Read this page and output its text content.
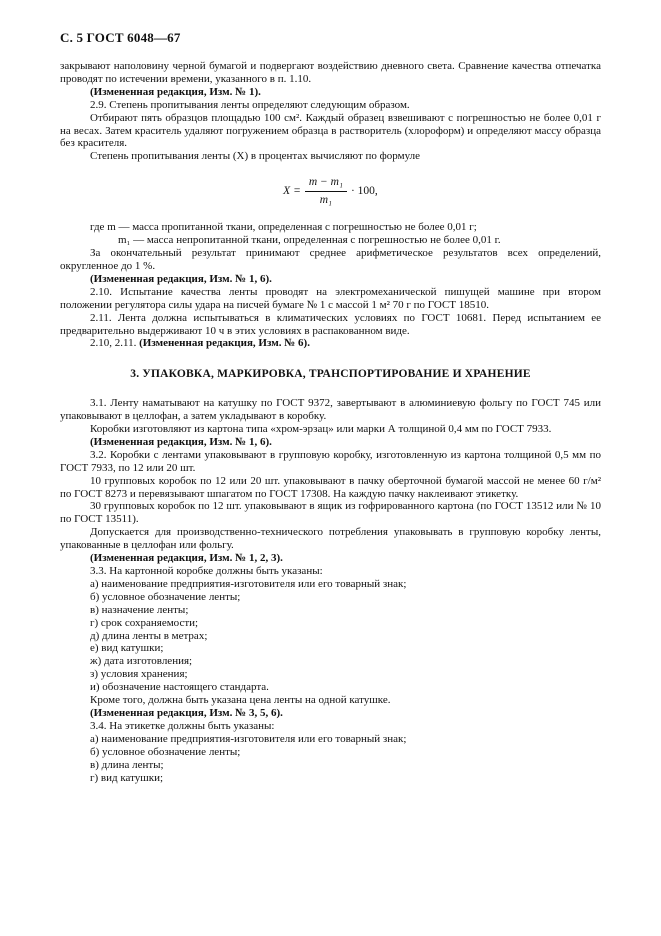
С. 5 ГОСТ 6048—67

закрывают наполовину черной бумагой и подвергают воздействию дневного света. Сравнение качества отпечатка проводят по истечении времени, указанного в п. 1.10.

(Измененная редакция, Изм. № 1).

2.9. Степень пропитывания ленты определяют следующим образом.

Отбирают пять образцов площадью 100 см². Каждый образец взвешивают с погрешностью не более 0,01 г на весах. Затем краситель удаляют погружением образца в растворитель (хлороформ) и определяют массу образца без красителя.

Степень пропитывания ленты (X) в процентах вычисляют по формуле

$X = \frac{\text{m − m₁}}{\text{m₁}} \cdot 100$,

где m — масса пропитанной ткани, определенная с погрешностью не более 0,01 г;

m₁ — масса непропитанной ткани, определенная с погрешностью не более 0,01 г.

За окончательный результат принимают среднее арифметическое результатов всех определений, округленное до 1 %.

(Измененная редакция, Изм. № 1, 6).

2.10. Испытание качества ленты проводят на электромеханической пишущей машине при втором положении регулятора силы удара на писчей бумаге № 1 с массой 1 м² 70 г по ГОСТ 18510.

2.11. Лента должна испытываться в климатических условиях по ГОСТ 10681. Перед испытанием ее предварительно выдерживают 10 ч в этих условиях в распакованном виде.

2.10, 2.11. (Измененная редакция, Изм. № 6).

3. УПАКОВКА, МАРКИРОВКА, ТРАНСПОРТИРОВАНИЕ И ХРАНЕНИЕ

3.1. Ленту наматывают на катушку по ГОСТ 9372, завертывают в алюминиевую фольгу по ГОСТ 745 или упаковывают в целлофан, а затем укладывают в коробку.

Коробки изготовляют из картона типа «хром-эрзац» или марки А толщиной 0,4 мм по ГОСТ 7933.

(Измененная редакция, Изм. № 1, 6).

3.2. Коробки с лентами упаковывают в групповую коробку, изготовленную из картона толщиной 0,5 мм по ГОСТ 7933, по 12 или 20 шт.

10 групповых коробок по 12 или 20 шт. упаковывают в пачку оберточной бумагой массой не менее 60 г/м² по ГОСТ 8273 и перевязывают шпагатом по ГОСТ 17308. На каждую пачку наклеивают этикетку.

30 групповых коробок по 12 шт. упаковывают в ящик из гофрированного картона (по ГОСТ 13512 или № 10 по ГОСТ 13511).

Допускается для производственно-технического потребления упаковывать в групповую коробку ленты, упакованные в целлофан или фольгу.

(Измененная редакция, Изм. № 1, 2, 3).

3.3. На картонной коробке должны быть указаны:

а) наименование предприятия-изготовителя или его товарный знак;

б) условное обозначение ленты;

в) назначение ленты;

г) срок сохраняемости;

д) длина ленты в метрах;

е) вид катушки;

ж) дата изготовления;

з) условия хранения;

и) обозначение настоящего стандарта.

Кроме того, должна быть указана цена ленты на одной катушке.

(Измененная редакция, Изм. № 3, 5, 6).

3.4. На этикетке должны быть указаны:

а) наименование предприятия-изготовителя или его товарный знак;

б) условное обозначение ленты;

в) длина ленты;

г) вид катушки;
